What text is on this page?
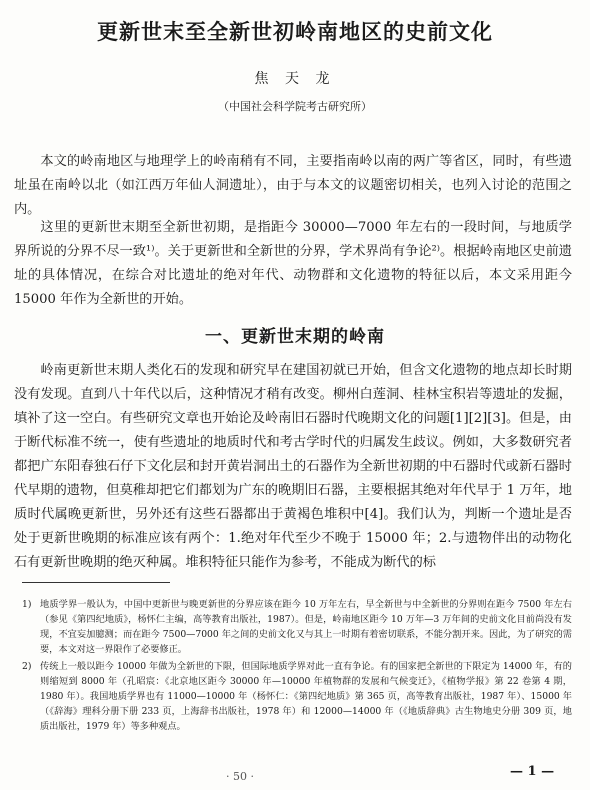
更新世末至全新世初岭南地区的史前文化
焦 天 龙
（中国社会科学院考古研究所）

本文的岭南地区与地理学上的岭南稍有不同，主要指南岭以南的两广等省区，同时，有些遗址虽在南岭以北（如江西万年仙人洞遗址），由于与本文的议题密切相关，也列入讨论的范围之内。

这里的更新世末期至全新世初期，是指距今 30000—7000 年左右的一段时间，与地质学界所说的分界不尽一致¹⁾。关于更新世和全新世的分界，学术界尚有争论²⁾。根据岭南地区史前遗址的具体情况，在综合对比遗址的绝对年代、动物群和文化遗物的特征以后，本文采用距今 15000 年作为全新世的开始。

一、更新世末期的岭南

岭南更新世末期人类化石的发现和研究早在建国初就已开始，但含文化遗物的地点却长时期没有发现。直到八十年代以后，这种情况才稍有改变。柳州白莲洞、桂林宝积岩等遗址的发掘，填补了这一空白。有些研究文章也开始论及岭南旧石器时代晚期文化的问题[1][2][3]。但是，由于断代标准不统一，使有些遗址的地质时代和考古学时代的归属发生歧议。例如，大多数研究者都把广东阳春独石仔下文化层和封开黄岩洞出土的石器作为全新世初期的中石器时代或新石器时代早期的遗物，但莫稚却把它们都划为广东的晚期旧石器，主要根据其绝对年代早于 1 万年，地质时代属晚更新世，另外还有这些石器都出于黄褐色堆积中[4]。我们认为，判断一个遗址是否处于更新世晚期的标准应该有两个：1.绝对年代至少不晚于 15000 年；2.与遗物伴出的动物化石有更新世晚期的绝灭种属。堆积特征只能作为参考，不能成为断代的标

1) 地质学界一般认为，中国中更新世与晚更新世的分界应该在距今 10 万年左右，早全新世与中全新世的分界则在距今 7500 年左右（参见《第四纪地质》，杨怀仁主编，高等教育出版社，1987）。但是，岭南地区距今 10 万年—3 万年间的史前文化目前尚没有发现，不宜妄加臆测；而在距今 7500—7000 年之间的史前文化又与其上一时期有着密切联系，不能分割开来。因此，为了研究的需要，本文对这一界限作了必要修正。
2) 传统上一般以距今 10000 年做为全新世的下限，但国际地质学界对此一直有争论。有的国家把全新世的下限定为 14000 年，有的则缩短到 8000 年（孔昭宸：《北京地区距今 30000 年—10000 年植物群的发展和气候变迁》，《植物学报》第 22 卷第 4 期，1980 年）。我国地质学界也有 11000—10000 年（杨怀仁：《第四纪地质》第 365 页，高等教育出版社，1987 年）、15000 年（《辞海》理科分册下册 233 页，上海辞书出版社，1978 年）和 12000—14000 年（《地质辞典》古生物地史分册 309 页，地质出版社，1979 年）等多种观点。
· 50 ·	— 1 —
